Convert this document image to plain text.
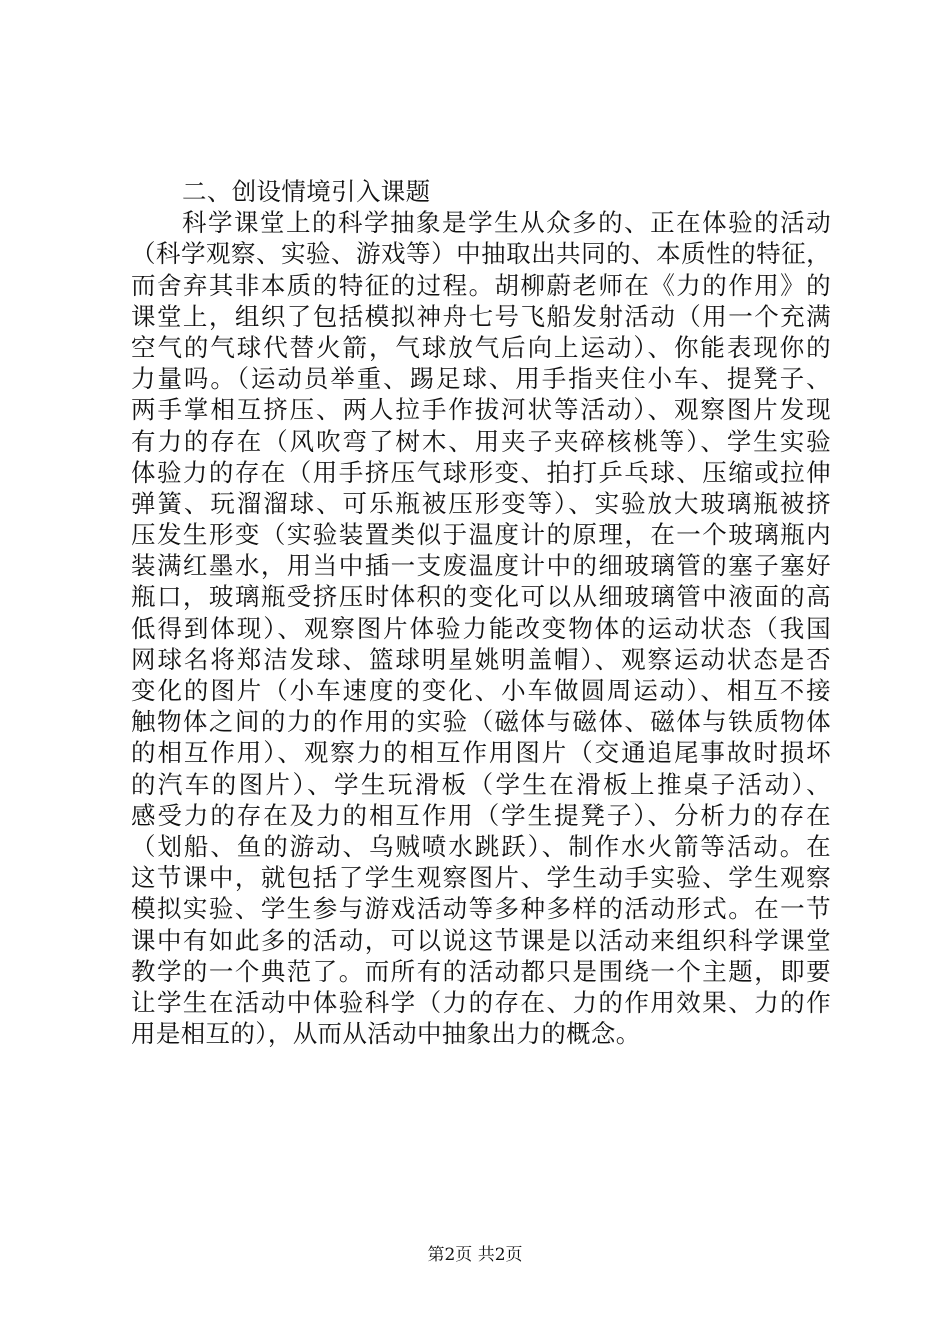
二、创设情境引入课题
科学课堂上的科学抽象是学生从众多的、正在体验的活动
（科学观察、实验、游戏等）中抽取出共同的、本质性的特征，
而舍弃其非本质的特征的过程。胡柳蔚老师在《力的作用》的
课堂上，组织了包括模拟神舟七号飞船发射活动（用一个充满
空气的气球代替火箭，气球放气后向上运动）、你能表现你的
力量吗。（运动员举重、踢足球、用手指夹住小车、提凳子、
两手掌相互挤压、两人拉手作拔河状等活动）、观察图片发现
有力的存在（风吹弯了树木、用夹子夹碎核桃等）、学生实验
体验力的存在（用手挤压气球形变、拍打乒乓球、压缩或拉伸
弹簧、玩溜溜球、可乐瓶被压形变等）、实验放大玻璃瓶被挤
压发生形变（实验装置类似于温度计的原理，在一个玻璃瓶内
装满红墨水，用当中插一支废温度计中的细玻璃管的塞子塞好
瓶口，玻璃瓶受挤压时体积的变化可以从细玻璃管中液面的高
低得到体现）、观察图片体验力能改变物体的运动状态（我国
网球名将郑洁发球、篮球明星姚明盖帽）、观察运动状态是否
变化的图片（小车速度的变化、小车做圆周运动）、相互不接
触物体之间的力的作用的实验（磁体与磁体、磁体与铁质物体
的相互作用）、观察力的相互作用图片（交通追尾事故时损坏
的汽车的图片）、学生玩滑板（学生在滑板上推桌子活动）、
感受力的存在及力的相互作用（学生提凳子）、分析力的存在
（划船、鱼的游动、乌贼喷水跳跃）、制作水火箭等活动。在
这节课中，就包括了学生观察图片、学生动手实验、学生观察
模拟实验、学生参与游戏活动等多种多样的活动形式。在一节
课中有如此多的活动，可以说这节课是以活动来组织科学课堂
教学的一个典范了。而所有的活动都只是围绕一个主题，即要
让学生在活动中体验科学（力的存在、力的作用效果、力的作
用是相互的），从而从活动中抽象出力的概念。
第2页 共2页
